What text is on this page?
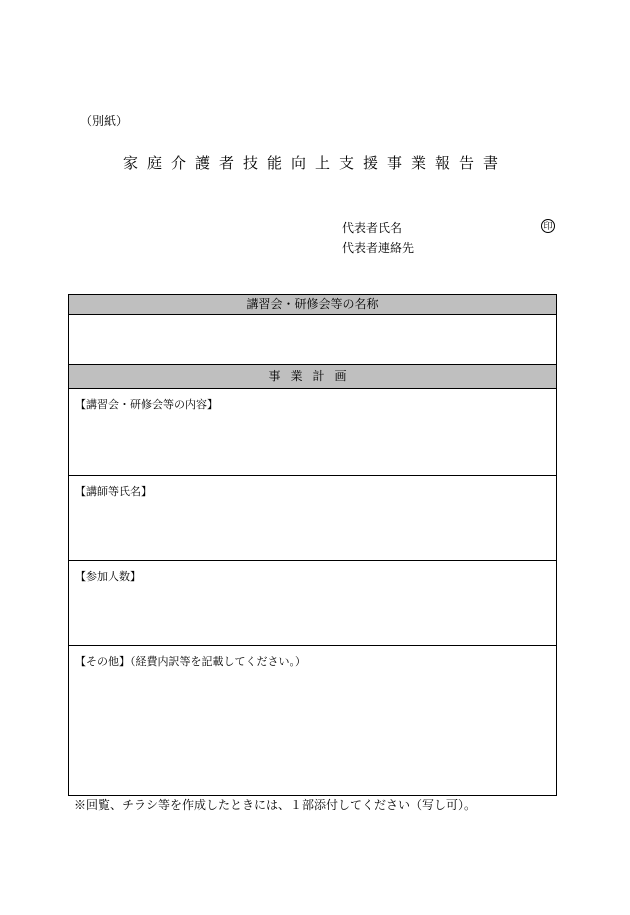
（別紙）
家庭介護者技能向上支援事業報告書
代表者氏名
代表者連絡先
印
講習会・研修会等の名称
事業計画
【講習会・研修会等の内容】
【講師等氏名】
【参加人数】
【その他】（経費内訳等を記載してください。）
※回覧、チラシ等を作成したときには、１部添付してください（写し可）。
